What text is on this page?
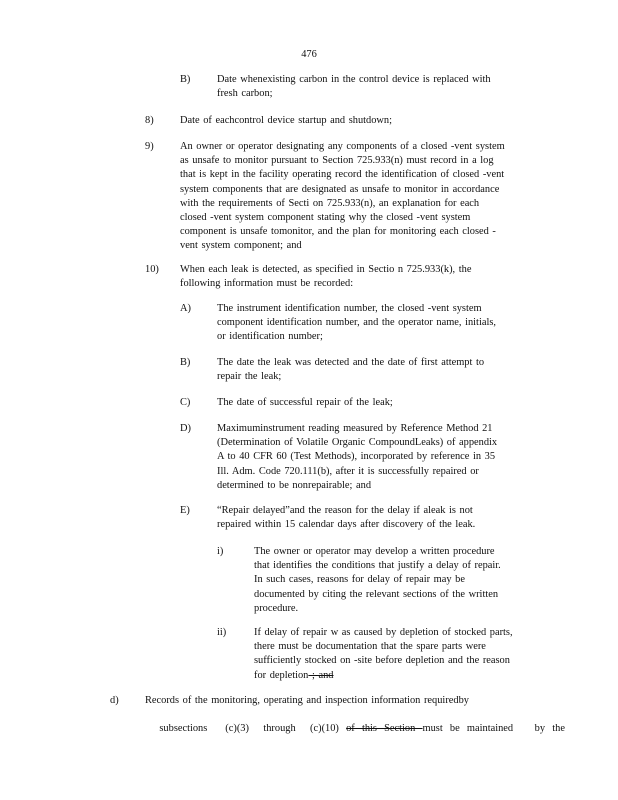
476
B)	Date whenexisting carbon in the control device is replaced with
fresh carbon;
8)	Date of eachcontrol device startup and shutdown;
9)	An owner or operator designating any components of a closed -vent system
as unsafe to monitor pursuant to Section 725.933(n) must record in a log
that is kept in the facility operating record the identification of closed -vent
system components that are designated as unsafe to monitor in accordance
with the requirements of Secti on 725.933(n), an explanation for each
closed -vent system component stating why the closed -vent system
component is unsafe tomonitor, and the plan for monitoring each closed -
vent system component; and
10) When each leak is detected, as specified in Sectio n 725.933(k), the
following information must be recorded:
A)	The instrument identification number, the closed -vent system
component identification number, and the operator name, initials,
or identification number;
B)	The date the leak was detected and the date of first attempt to
repair the leak;
C)	The date of successful repair of the leak;
D)	Maximuminstrument reading measured by Reference Method 21
(Determination of Volatile Organic CompoundLeaks) of appendix
A to 40 CFR 60 (Test Methods), incorporated by reference in 35
Ill. Adm. Code 720.111(b), after it is successfully repaired or
determined to be nonrepairable; and
E)	“Repair delayed”and the reason for the delay if aleak is not
repaired within 15 calendar days after discovery of the leak.
i)	The owner or operator may develop a written procedure
that identifies the conditions that justify a delay of repair.
In such cases, reasons for delay of repair may be
documented by citing the relevant sections of the written
procedure.
ii)	If delay of repair w as caused by depletion of stocked parts,
there must be documentation that the spare parts were
sufficiently stocked on -site before depletion and the reason
for depletion ; and
d)	Records of the monitoring, operating and inspection information requiredby

subsections     (c)(3)    through    (c)(10)  of  this  Section  must  be  maintained      by  the
